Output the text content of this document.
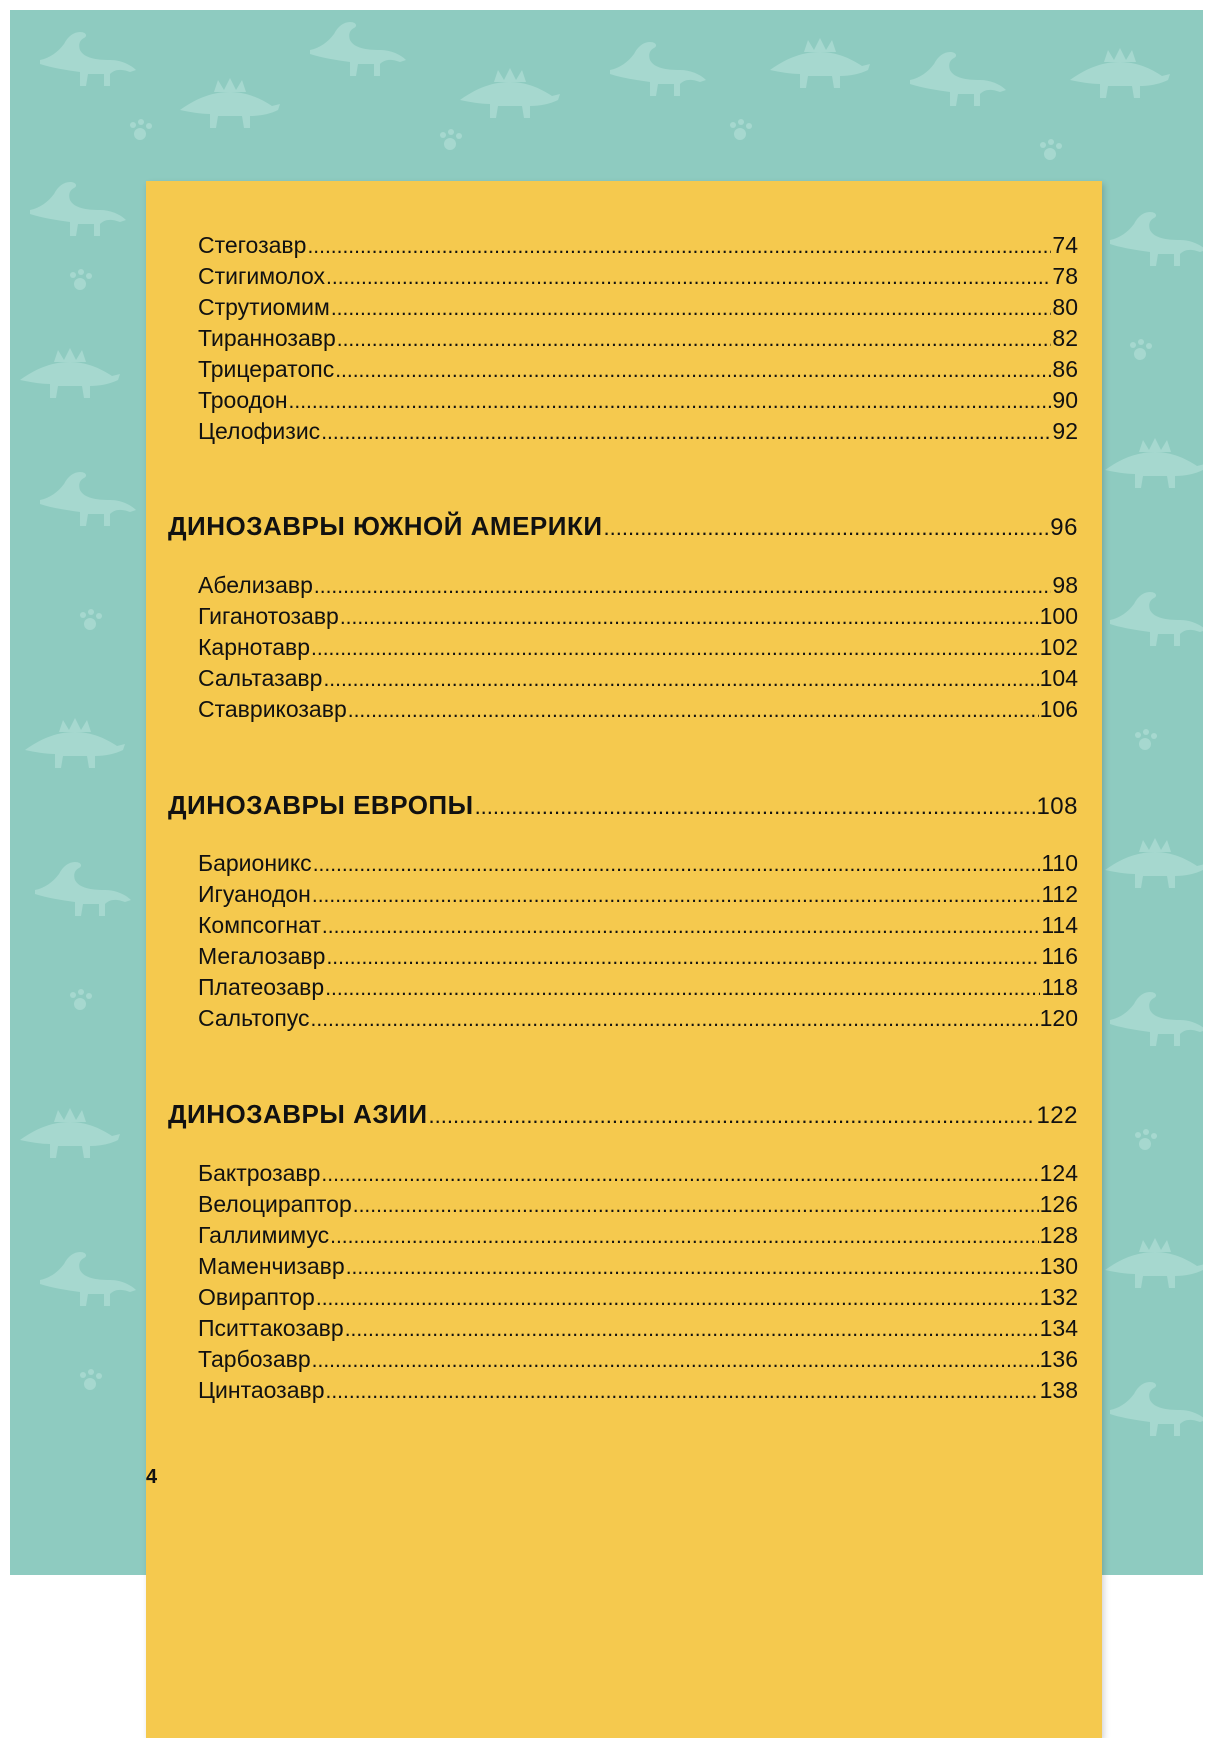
Стегозавр .....	74
Стигимолох .....	78
Струтиомим .....	80
Тираннозавр .....	82
Трицератопс .....	86
Троодон .....	90
Целофизис .....	92
ДИНОЗАВРЫ ЮЖНОЙ АМЕРИКИ .....	96
Абелизавр .....	98
Гиганотозавр .....	100
Карнотавр .....	102
Сальтазавр .....	104
Ставрикозавр .....	106
ДИНОЗАВРЫ ЕВРОПЫ .....	108
Барионикс .....	110
Игуанодон .....	112
Компсогнат .....	114
Мегалозавр .....	116
Платеозавр .....	118
Сальтопус .....	120
ДИНОЗАВРЫ АЗИИ .....	122
Бактрозавр .....	124
Велоцираптор .....	126
Галлимимус .....	128
Маменчизавр .....	130
Овираптор .....	132
Пситтакозавр .....	134
Тарбозавр .....	136
Цинтаозавр .....	138
4
